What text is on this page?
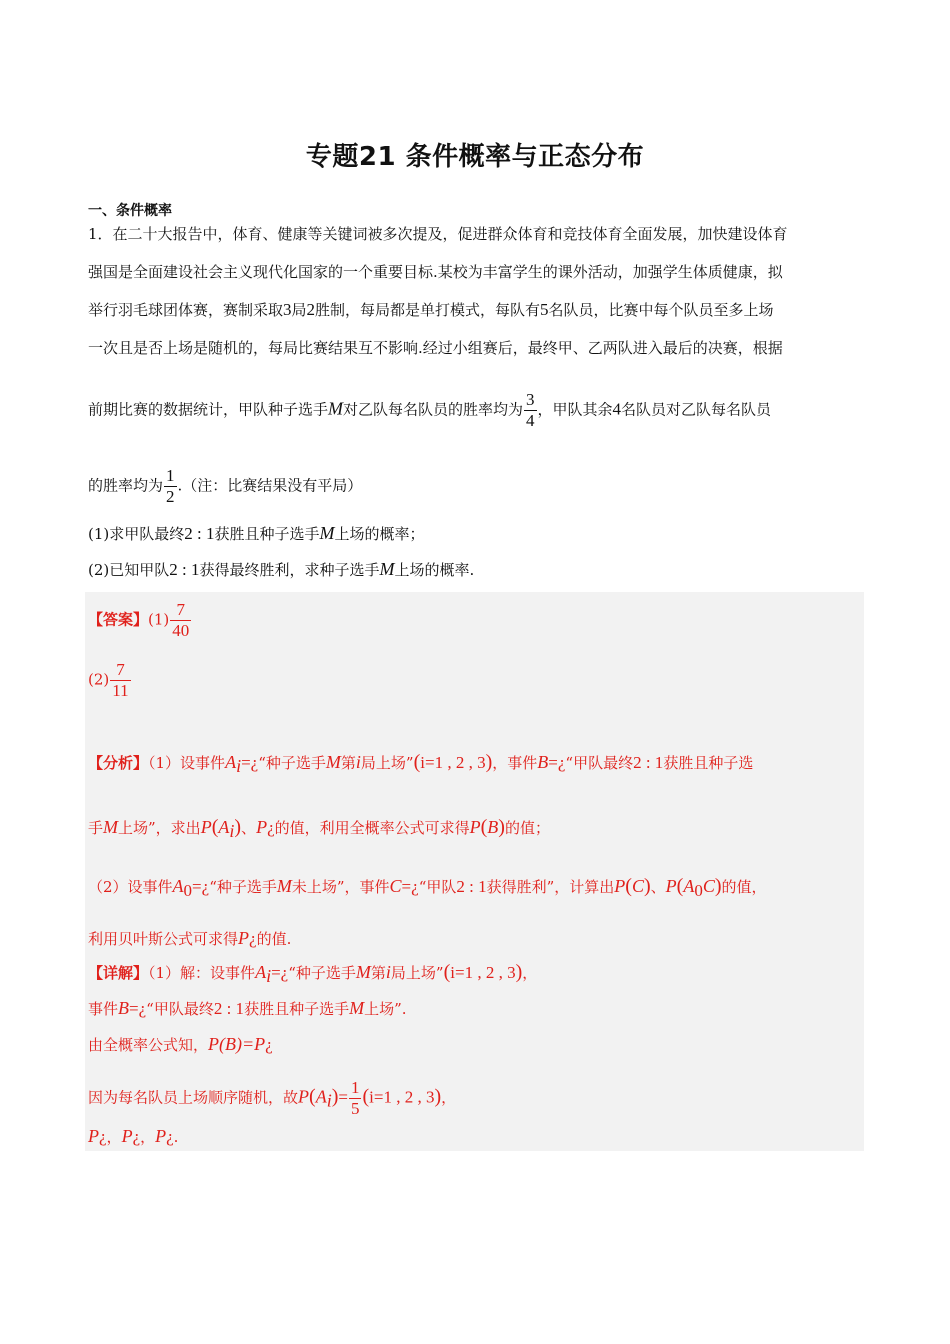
专题21 条件概率与正态分布
一、条件概率
1．在二十大报告中，体育、健康等关键词被多次提及，促进群众体育和竞技体育全面发展，加快建设体育
强国是全面建设社会主义现代化国家的一个重要目标.某校为丰富学生的课外活动，加强学生体质健康，拟
举行羽毛球团体赛，赛制采取3局2胜制，每局都是单打模式，每队有5名队员，比赛中每个队员至多上场
一次且是否上场是随机的，每局比赛结果互不影响.经过小组赛后，最终甲、乙两队进入最后的决赛，根据
前期比赛的数据统计，甲队种子选手M对乙队每名队员的胜率均为 $\frac{3}{4}$ ，甲队其余4名队员对乙队每名队员
的胜率均为 $\frac{1}{2}$ .（注：比赛结果没有平局）
(1)求甲队最终2 : 1获胜且种子选手M上场的概率；
(2)已知甲队2 : 1获得最终胜利，求种子选手M上场的概率.
【答案】$(1) \frac{7}{40}$
$(2) \frac{7}{11}$
【分析】（1）设事件$A_i=¿“$种子选手M第i局上场”(i=1 , 2 , 3)，事件B=¿“甲队最终2 : 1获胜且种子选
手M上场”，求出$P(A_i)$、P¿的值，利用全概率公式可求得P(B)的值；
（2）设事件$A_0=¿“$种子选手M未上场”，事件C=¿“甲队2 : 1获得胜利”，计算出P(C)、$P(A_0C)$的值，
利用贝叶斯公式可求得P¿的值.
【详解】（1）解：设事件$A_i=¿“$种子选手M第i局上场”(i=1 , 2 , 3)，
事件B=¿“甲队最终2 : 1获胜且种子选手M上场”.
由全概率公式知，P(B)=P¿
因为每名队员上场顺序随机，故$P(A_i)= \frac{1}{5} (i=1$ , 2 , 3)，
P¿，P¿，P¿.
